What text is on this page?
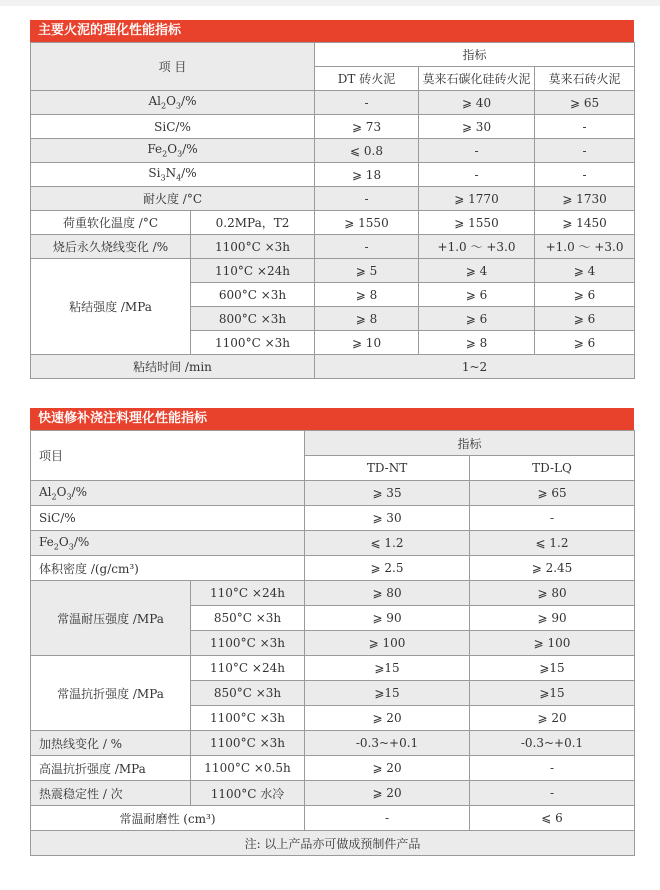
主要火泥的理化性能指标
项 目		指标		
		DT 砖火泥	莫来石碳化硅砖火泥	莫来石砖火泥
$Al_2O_3/\%$		-	⩾ 40	⩾ 65
SiC/%		⩾ 73	⩾ 30	-
$Fe_2O_3/\%$		⩽ 0.8	-	-
$Si_3N_4/\%$		⩾ 18	-	-
耐火度 /°C		-	⩾ 1770	⩾ 1730
荷重软化温度 /°C	0.2MPa，T2	⩾ 1550	⩾ 1550	⩾ 1450
烧后永久烧线变化 /%	1100°C ×3h	-	+1.0 ～ +3.0	+1.0 ～ +3.0
粘结强度 /MPa	110°C ×24h	⩾ 5	⩾ 4	⩾ 4
	600°C ×3h	⩾ 8	⩾ 6	⩾ 6
	800°C ×3h	⩾ 8	⩾ 6	⩾ 6
	1100°C ×3h	⩾ 10	⩾ 8	⩾ 6
粘结时间 /min		1~2		
快速修补浇注料理化性能指标
项目		指标	
		TD-NT	TD-LQ
$Al_2O_3/\%$		⩾ 35	⩾ 65
SiC/%		⩾ 30	-
$Fe_2O_3/\%$		⩽ 1.2	⩽ 1.2
体积密度 /(g/cm³)		⩾ 2.5	⩾ 2.45
常温耐压强度 /MPa	110°C ×24h	⩾ 80	⩾ 80
	850°C ×3h	⩾ 90	⩾ 90
	1100°C ×3h	⩾ 100	⩾ 100
常温抗折强度 /MPa	110°C ×24h	⩾15	⩾15
	850°C ×3h	⩾15	⩾15
	1100°C ×3h	⩾ 20	⩾ 20
加热线变化 / %	1100°C ×3h	-0.3~+0.1	-0.3~+0.1
高温抗折强度 /MPa	1100°C ×0.5h	⩾ 20	-
热震稳定性 / 次	1100°C 水冷	⩾ 20	-
常温耐磨性 (cm³)		-	⩽ 6
注: 以上产品亦可做成预制件产品			
